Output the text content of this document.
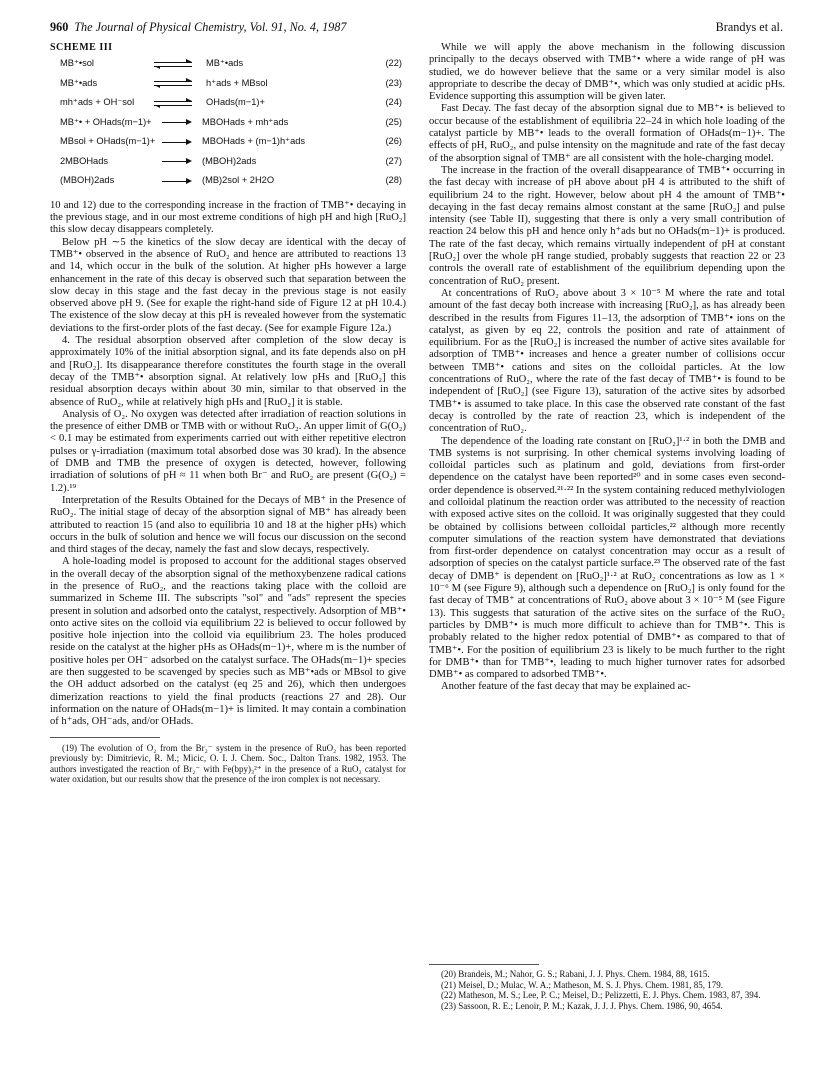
960 The Journal of Physical Chemistry, Vol. 91, No. 4, 1987	Brandys et al.
SCHEME III
MB⁺•sol	MB⁺•ads	(22)
MB⁺•ads	h⁺ads + MBsol	(23)
mh⁺ads + OH⁻sol	OHads(m−1)+	(24)
MB⁺• + OHads(m−1)+	MBOHads + mh⁺ads	(25)
MBsol + OHads(m−1)+	MBOHads + (m−1)h⁺ads	(26)
2MBOHads	(MBOH)2ads	(27)
(MBOH)2ads	(MB)2sol + 2H2O	(28)

10 and 12) due to the corresponding increase in the fraction of TMB⁺• decaying in the previous stage, and in our most extreme conditions of high pH and high [RuO₂] this slow decay disappears completely.

Below pH ∼5 the kinetics of the slow decay are identical with the decay of TMB⁺• observed in the absence of RuO₂ and hence are attributed to reactions 13 and 14, which occur in the bulk of the solution. At higher pHs however a large enhancement in the rate of this decay is observed such that separation between the slow decay in this stage and the fast decay in the previous stage is not easily observed above pH 9. (See for exaple the right-hand side of Figure 12 at pH 10.4.) The existence of the slow decay at this pH is revealed however from the systematic deviations to the first-order plots of the fast decay. (See for example Figure 12a.)

4. The residual absorption observed after completion of the slow decay is approximately 10% of the initial absorption signal, and its fate depends also on pH and [RuO₂]. Its disappearance therefore constitutes the fourth stage in the overall decay of the TMB⁺• absorption signal. At relatively low pHs and [RuO₂] this residual absorption decays within about 30 min, similar to that observed in the absence of RuO₂, while at relatively high pHs and [RuO₂] it is stable.

Analysis of O₂. No oxygen was detected after irradiation of reaction solutions in the presence of either DMB or TMB with or without RuO₂. An upper limit of G(O₂) < 0.1 may be estimated from experiments carried out with either repetitive electron pulses or γ-irradiation (maximum total absorbed dose was 30 krad). In the absence of DMB and TMB the presence of oxygen is detected, however, following irradiation of solutions of pH ≈ 11 when both Br⁻ and RuO₂ are present (G(O₂) = 1.2).¹⁹

Interpretation of the Results Obtained for the Decays of MB⁺ in the Presence of RuO₂. The initial stage of decay of the absorption signal of MB⁺ has already been attributed to reaction 15 (and also to equilibria 10 and 18 at the higher pHs) which occurs in the bulk of solution and hence we will focus our discussion on the second and third stages of the decay, namely the fast and slow decays, respectively.

A hole-loading model is proposed to account for the additional stages observed in the overall decay of the absorption signal of the methoxybenzene radical cations in the presence of RuO₂, and the reactions taking place with the colloid are summarized in Scheme III. The subscripts "sol" and "ads" represent the species present in solution and adsorbed onto the catalyst, respectively. Adsorption of MB⁺• onto active sites on the colloid via equilibrium 22 is believed to occur followed by positive hole injection into the colloid via equilibrium 23. The holes produced reside on the catalyst at the higher pHs as OHads(m−1)+, where m is the number of positive holes per OH⁻ adsorbed on the catalyst surface. The OHads(m−1)+ species are then suggested to be scavenged by species such as MB⁺•ads or MBsol to give the OH adduct adsorbed on the catalyst (eq 25 and 26), which then undergoes dimerization reactions to yield the final products (reactions 27 and 28). Our information on the nature of OHads(m−1)+ is limited. It may contain a combination of h⁺ads, OH⁻ads, and/or OHads.

(19) The evolution of O₂ from the Br₂⁻ system in the presence of RuO₂ has been reported previously by: Dimitrievic, R. M.; Micic, O. I. J. Chem. Soc., Dalton Trans. 1982, 1953. The authors investigated the reaction of Br₂⁻ with Fe(bpy)₃²⁺ in the presence of a RuO₂ catalyst for water oxidation, but our results show that the presence of the iron complex is not necessary.

While we will apply the above mechanism in the following discussion principally to the decays observed with TMB⁺• where a wide range of pH was studied, we do however believe that the same or a very similar model is also appropriate to describe the decay of DMB⁺•, which was only studied at acidic pHs. Evidence supporting this assumption will be given later.

Fast Decay. The fast decay of the absorption signal due to MB⁺• is believed to occur because of the establishment of equilibria 22–24 in which hole loading of the catalyst particle by MB⁺• leads to the overall formation of OHads(m−1)+. The effects of pH, RuO₂, and pulse intensity on the magnitude and rate of the fast decay of the absorption signal of TMB⁺ are all consistent with the hole-charging model.

The increase in the fraction of the overall disappearance of TMB⁺• occurring in the fast decay with increase of pH above about pH 4 is attributed to the shift of equilibrium 24 to the right. However, below about pH 4 the amount of TMB⁺• decaying in the fast decay remains almost constant at the same [RuO₂] and pulse intensity (see Table II), suggesting that there is only a very small contribution of reaction 24 below this pH and hence only h⁺ads but no OHads(m−1)+ is produced. The rate of the fast decay, which remains virtually independent of pH at constant [RuO₂] over the whole pH range studied, probably suggests that reaction 22 or 23 controls the overall rate of establishment of the equilibrium depending upon the concentration of RuO₂ present.

At concentrations of RuO₂ above about 3 × 10⁻⁵ M where the rate and total amount of the fast decay both increase with increasing [RuO₂], as has already been described in the results from Figures 11–13, the adsorption of TMB⁺• ions on the catalyst, as given by eq 22, controls the position and rate of attainment of equilibrium. For as the [RuO₂] is increased the number of active sites available for adsorption of TMB⁺• increases and hence a greater number of collisions occur between TMB⁺• cations and sites on the colloidal particles. At the low concentrations of RuO₂, where the rate of the fast decay of TMB⁺• is found to be independent of [RuO₂] (see Figure 13), saturation of the active sites by adsorbed TMB⁺• is assumed to take place. In this case the observed rate constant of the fast decay is controlled by the rate of reaction 23, which is independent of the concentration of RuO₂.

The dependence of the loading rate constant on [RuO₂]¹·² in both the DMB and TMB systems is not surprising. In other chemical systems involving loading of colloidal particles such as platinum and gold, deviations from first-order dependence on the catalyst have been reported²⁰ and in some cases even second-order dependence is observed.²¹·²² In the system containing reduced methylviologen and colloidal platinum the reaction order was attributed to the necessity of reaction with exposed active sites on the colloid. It was originally suggested that they could be obtained by collisions between colloidal particles,²² although more recently computer simulations of the reaction system have demonstrated that deviations from first-order dependence on catalyst concentration may occur as a result of adsorption of species on the catalyst particle surface.²³ The observed rate of the fast decay of DMB⁺ is dependent on [RuO₂]¹·² at RuO₂ concentrations as low as 1 × 10⁻⁶ M (see Figure 9), although such a dependence on [RuO₂] is only found for the fast decay of TMB⁺ at concentrations of RuO₂ above about 3 × 10⁻⁵ M (see Figure 13). This suggests that saturation of the active sites on the surface of the RuO₂ particles by DMB⁺• is much more difficult to achieve than for TMB⁺•. This is probably related to the higher redox potential of DMB⁺• as compared to that of TMB⁺•. For the position of equilibrium 23 is likely to be much further to the right for DMB⁺• than for TMB⁺•, leading to much higher turnover rates for adsorbed DMB⁺• as compared to adsorbed TMB⁺•.

Another feature of the fast decay that may be explained ac-

(20) Brandeis, M.; Nahor, G. S.; Rabani, J. J. Phys. Chem. 1984, 88, 1615.

(21) Meisel, D.; Mulac, W. A.; Matheson, M. S. J. Phys. Chem. 1981, 85, 179.

(22) Matheson, M. S.; Lee, P. C.; Meisel, D.; Pelizzetti, E. J. Phys. Chem. 1983, 87, 394.

(23) Sassoon, R. E.; Lenoir, P. M.; Kazak, J. J. J. Phys. Chem. 1986, 90, 4654.
